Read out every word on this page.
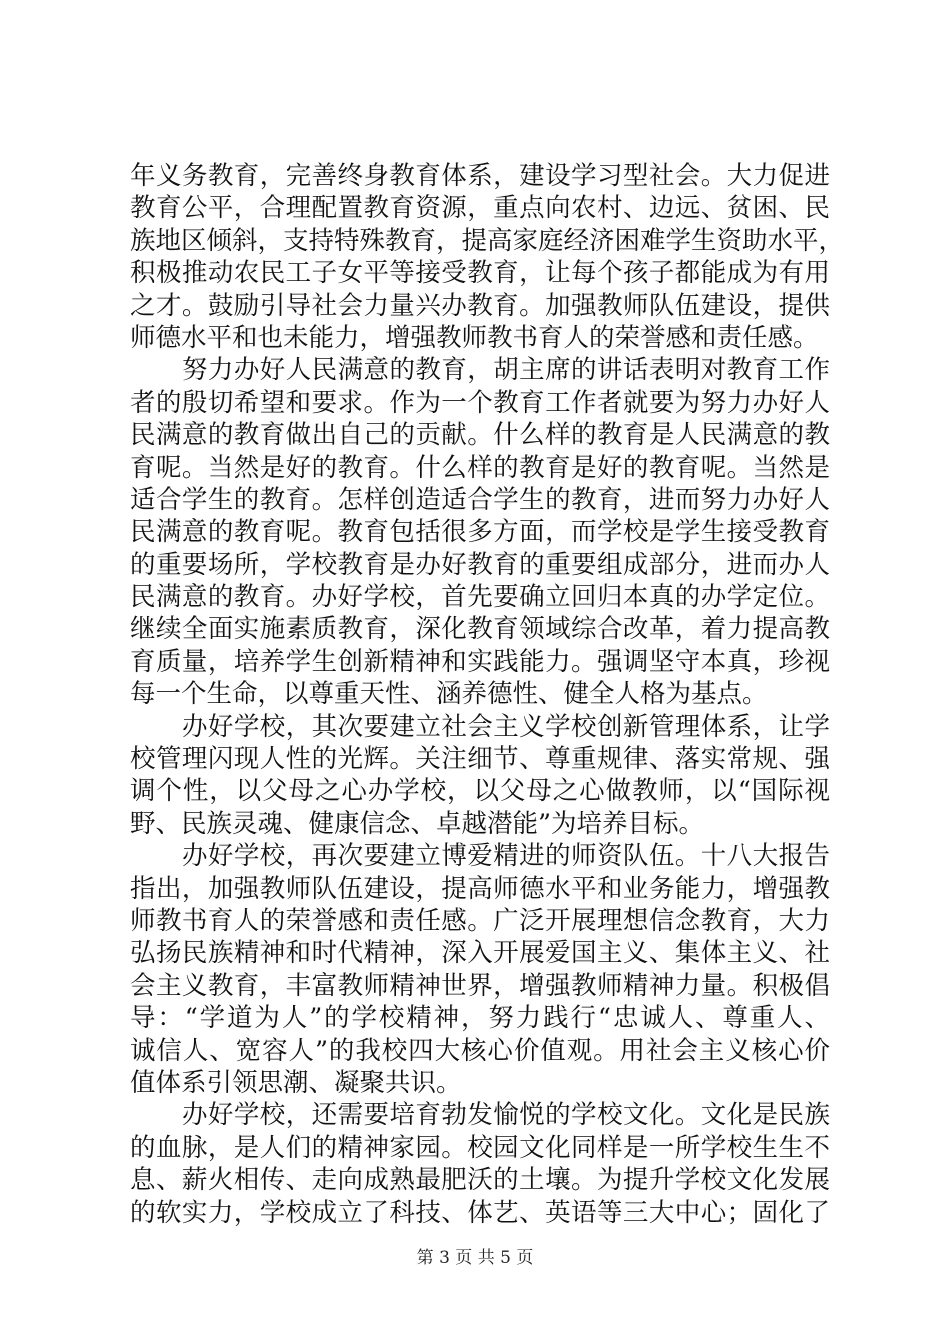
年义务教育，完善终身教育体系，建设学习型社会。大力促进
教育公平，合理配置教育资源，重点向农村、边远、贫困、民
族地区倾斜，支持特殊教育，提高家庭经济困难学生资助水平，
积极推动农民工子女平等接受教育，让每个孩子都能成为有用
之才。鼓励引导社会力量兴办教育。加强教师队伍建设，提供
师德水平和也未能力，增强教师教书育人的荣誉感和责任感。
努力办好人民满意的教育，胡主席的讲话表明对教育工作
者的殷切希望和要求。作为一个教育工作者就要为努力办好人
民满意的教育做出自己的贡献。什么样的教育是人民满意的教
育呢。当然是好的教育。什么样的教育是好的教育呢。当然是
适合学生的教育。怎样创造适合学生的教育，进而努力办好人
民满意的教育呢。教育包括很多方面，而学校是学生接受教育
的重要场所，学校教育是办好教育的重要组成部分，进而办人
民满意的教育。办好学校，首先要确立回归本真的办学定位。
继续全面实施素质教育，深化教育领域综合改革，着力提高教
育质量，培养学生创新精神和实践能力。强调坚守本真，珍视
每一个生命，以尊重天性、涵养德性、健全人格为基点。
办好学校，其次要建立社会主义学校创新管理体系，让学
校管理闪现人性的光辉。关注细节、尊重规律、落实常规、强
调个性，以父母之心办学校，以父母之心做教师，以“国际视
野、民族灵魂、健康信念、卓越潜能”为培养目标。
办好学校，再次要建立博爱精进的师资队伍。十八大报告
指出，加强教师队伍建设，提高师德水平和业务能力，增强教
师教书育人的荣誉感和责任感。广泛开展理想信念教育，大力
弘扬民族精神和时代精神，深入开展爱国主义、集体主义、社
会主义教育，丰富教师精神世界，增强教师精神力量。积极倡
导：“学道为人”的学校精神，努力践行“忠诚人、尊重人、
诚信人、宽容人”的我校四大核心价值观。用社会主义核心价
值体系引领思潮、凝聚共识。
办好学校，还需要培育勃发愉悦的学校文化。文化是民族
的血脉，是人们的精神家园。校园文化同样是一所学校生生不
息、薪火相传、走向成熟最肥沃的土壤。为提升学校文化发展
的软实力，学校成立了科技、体艺、英语等三大中心；固化了
第 3 页 共 5 页
